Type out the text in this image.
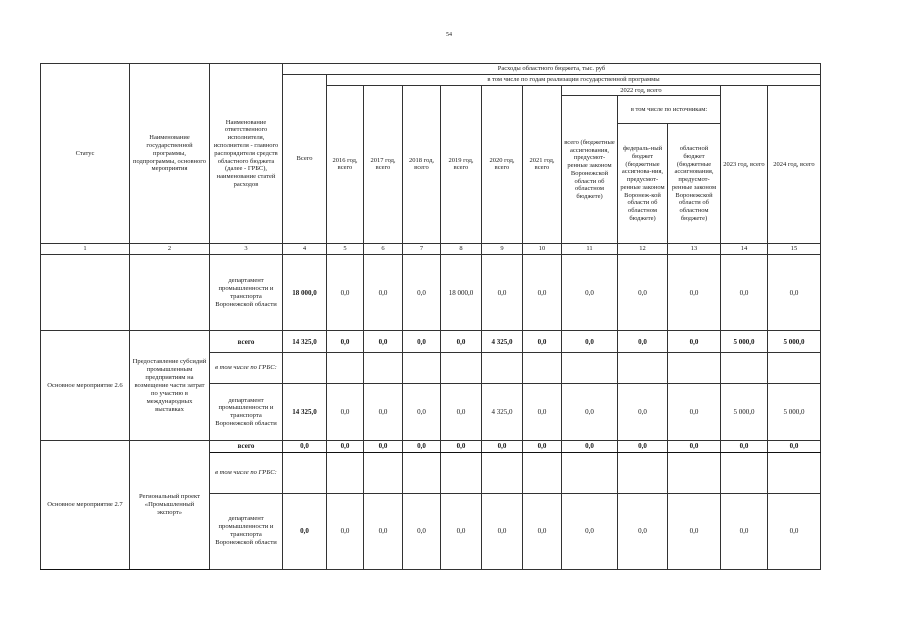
54
Статус	Наименование государственной программы, подпрограммы, основного мероприятия	Наименование ответственного исполнителя, исполнителя - главного распорядителя средств областного бюджета (далее - ГРБС), наименование статей расходов	Расходы областного бюджета, тыс. руб											
			Всего	в том числе по годам реализации государственной программы										
				2016 год, всего	2017 год, всего	2018 год, всего	2019 год, всего	2020 год, всего	2021 год, всего	2022 год, всего			2023 год, всего	2024 год, всего
										всего (бюджетные ассигнования, предусмот-ренные законом Воронежской области об областном бюджете)	в том числе по источникам:			
											федераль-ный бюджет (бюджетные ассигнова-ния, предусмот-ренные законом Воронеж-кой области об областном бюджете)	областной бюджет (бюджетные ассигнования, предусмот-ренные законом Воронежской области об областном бюджете)		
1	2	3	4	5	6	7	8	9	10	11	12	13	14	15
		департамент промышленности и транспорта Воронежской области	18 000,0	0,0	0,0	0,0	18 000,0	0,0	0,0	0,0	0,0	0,0	0,0	0,0
Основное мероприятие 2.6	Предоставление субсидий промышленным предприятиям на возмещение части затрат по участию в международных выставках	всего	14 325,0	0,0	0,0	0,0	0,0	4 325,0	0,0	0,0	0,0	0,0	5 000,0	5 000,0
		в том числе по ГРБС:												
		департамент промышленности и транспорта Воронежской области	14 325,0	0,0	0,0	0,0	0,0	4 325,0	0,0	0,0	0,0	0,0	5 000,0	5 000,0
Основное мероприятие 2.7	Региональный проект «Промышленный экспорт»	всего	0,0	0,0	0,0	0,0	0,0	0,0	0,0	0,0	0,0	0,0	0,0	0,0
		в том числе по ГРБС:												
		департамент промышленности и транспорта Воронежской области	0,0	0,0	0,0	0,0	0,0	0,0	0,0	0,0	0,0	0,0	0,0	0,0
